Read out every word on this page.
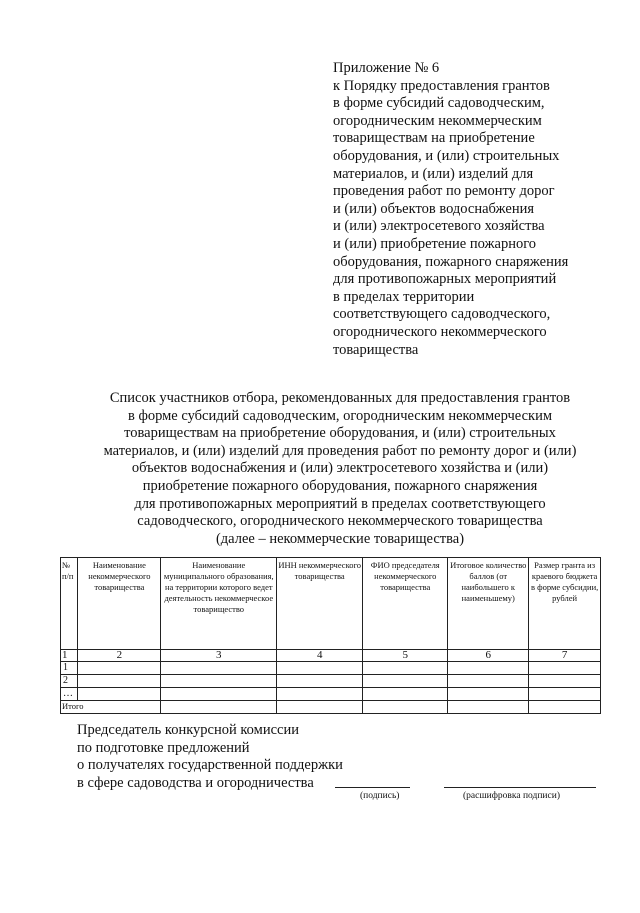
Приложение № 6
к Порядку предоставления грантов
в форме субсидий садоводческим,
огородническим некоммерческим
товариществам на приобретение
оборудования, и (или) строительных
материалов, и (или) изделий для
проведения работ по ремонту дорог
и (или) объектов водоснабжения
и (или) электросетевого хозяйства
и (или) приобретение пожарного
оборудования, пожарного снаряжения
для противопожарных мероприятий
в пределах территории
соответствующего садоводческого,
огороднического некоммерческого
товарищества
Список участников отбора, рекомендованных для предоставления грантов
в форме субсидий садоводческим, огородническим некоммерческим
товариществам на приобретение оборудования, и (или) строительных
материалов, и (или) изделий для проведения работ по ремонту дорог и (или)
объектов водоснабжения и (или) электросетевого хозяйства и (или)
приобретение пожарного оборудования, пожарного снаряжения
для противопожарных мероприятий в пределах соответствующего
садоводческого, огороднического некоммерческого товарищества
(далее – некоммерческие товарищества)
№ п/п	Наименование некоммерческого товарищества	Наименование муниципального образования, на территории которого ведет деятельность некоммерческое товарищество	ИНН некоммерческого товарищества	ФИО председателя некоммерческого товарищества	Итоговое количество баллов (от наибольшего к наименьшему)	Размер гранта из краевого бюджета в форме субсидии, рублей
1	2	3	4	5	6	7
1						
2						
…						
Итого						
Председатель конкурсной комиссии
по подготовке предложений
о получателях государственной поддержки
в сфере садоводства и огородничества
(подпись)	(расшифровка подписи)
